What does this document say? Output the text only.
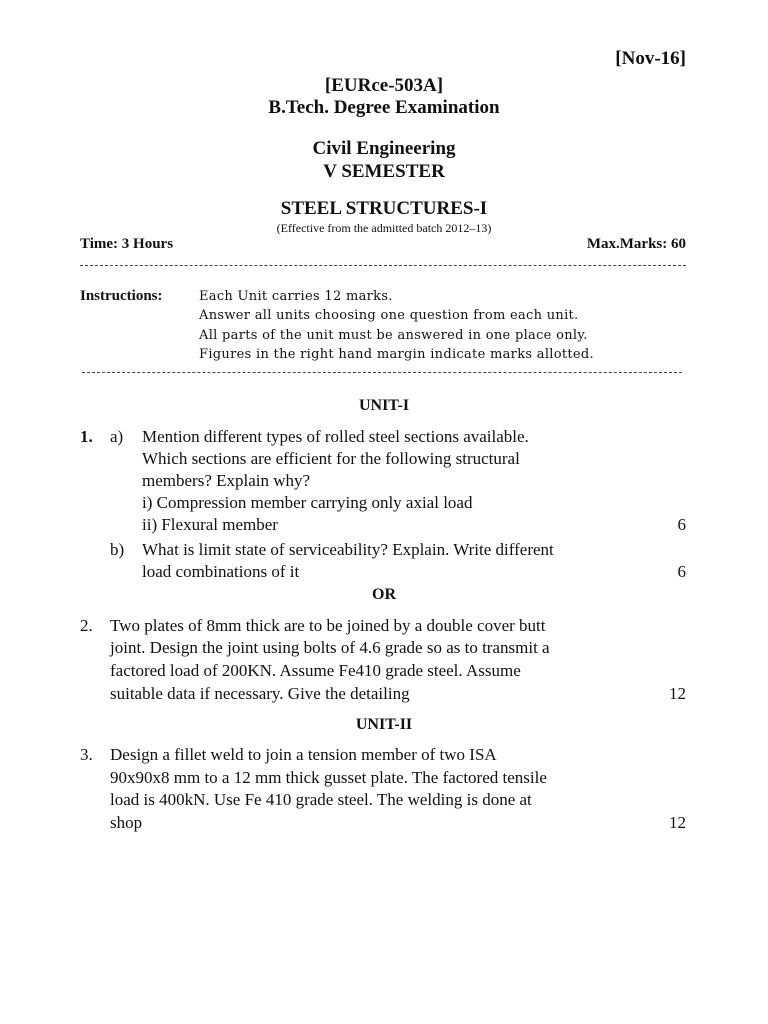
[Nov-16]
[EURce-503A]
B.Tech. Degree Examination
Civil Engineering
V SEMESTER
STEEL STRUCTURES-I
(Effective from the admitted batch 2012–13)
Time: 3 Hours	Max.Marks: 60
Instructions:	Each Unit carries 12 marks.
Answer all units choosing one question from each unit.
All parts of the unit must be answered in one place only.
Figures in the right hand margin indicate marks allotted.
UNIT-I
1. a) Mention different types of rolled steel sections available.
Which sections are efficient for the following structural
members? Explain why?
i) Compression member carrying only axial load
ii) Flexural member	6
b) What is limit state of serviceability? Explain. Write different
load combinations of it	6
OR
2. Two plates of 8mm thick are to be joined by a double cover butt
joint. Design the joint using bolts of 4.6 grade so as to transmit a
factored load of 200KN. Assume Fe410 grade steel. Assume
suitable data if necessary. Give the detailing	12
UNIT-II
3. Design a fillet weld to join a tension member of two ISA
90x90x8 mm to a 12 mm thick gusset plate. The factored tensile
load is 400kN. Use Fe 410 grade steel. The welding is done at
shop	12
